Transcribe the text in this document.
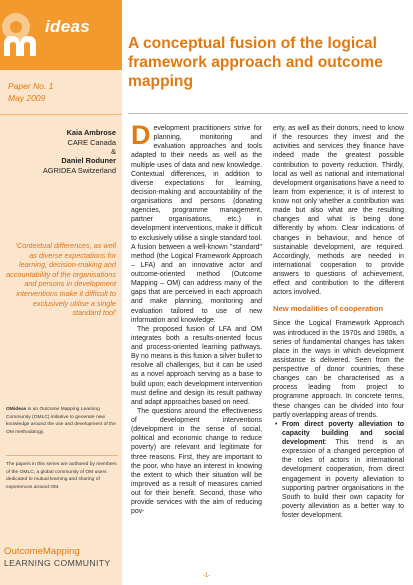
ideas
Paper No. 1
May 2009
Kaia Ambrose
CARE Canada
&
Daniel Roduner
AGRIDEA Switzerland
'Contextual differences, as well as diverse expectations for learning, decision-making and accountability of the organisations and persons in development interventions make it difficult to exclusively utilise a single standard tool'
OMideas is an Outcome Mapping Learning Community (OMLC) initiative to generate new knowledge around the use and development of the OM methodology.
The papers in this series are authored by members of the OMLC, a global community of OM users dedicated to mutual learning and sharing of experiences around OM.
OutcomeMapping
LEARNING COMMUNITY
A conceptual fusion of the logical framework approach and outcome mapping

Development practitioners strive for planning, monitoring and evaluation approaches and tools adapted to their needs as well as the multiple uses of data and new knowledge. Contextual differences, in addition to diverse expectations for learning, decision-making and accountability of the organisations and persons (donating agencies, programme management, partner organisations, etc.) in development interventions, make it difficult to exclusively utilise a single standard tool. A fusion between a well-known "standard" method (the Logical Framework Approach – LFA) and an innovative actor and outcome-oriented method (Outcome Mapping – OM) can address many of the gaps that are perceived in each approach and make planning, monitoring and evaluation tailored to use of new information and knowledge.

The proposed fusion of LFA and OM integrates both a results-oriented focus and process-oriented learning pathways. By no means is this fusion a silver bullet to resolve all challenges, but it can be used as a novel approach serving as a base to build upon; each development intervention must define and design its result pathway and adapt approaches based on need.

The questions around the effectiveness of development interventions (development in the sense of social, political and economic change to reduce poverty) are relevant and legitimate for three reasons. First, they are important to the poor, who have an interest in knowing the extent to which their situation will be improved as a result of measures carried out for their benefit. Second, those who provide services with the aim of reducing pov-

erty, as well as their donors, need to know if the resources they invest and the activities and services they finance have indeed made the greatest possible contribution to poverty reduction. Thirdly, local as well as national and international development organisations have a need to learn from experience; it is of interest to know not only whether a contribution was made but also what are the resulting changes and what is being done differently by whom. Clear indications of changes in behaviour, and hence of sustainable development, are required. Accordingly, methods are needed in international cooperation to provide answers to questions of achievement, effect and contribution to the different actors involved.

New modalities of cooperation

Since the Logical Framework Approach was introduced in the 1970s and 1980s, a series of fundamental changes has taken place in the ways in which development assistance is delivered. Seen from the perspective of donor countries, these changes can be characterised as a process leading from project to programme approach. In concrete terms, these changes can be divided into four partly overlapping areas of trends.

• From direct poverty alleviation to capacity building and social development: This trend is an expression of a changed perception of the roles of actors in international development cooperation, from direct engagement in poverty alleviation to supporting partner organisations in the South to build their own capacity for poverty alleviation as a better way to foster development.
-1-
